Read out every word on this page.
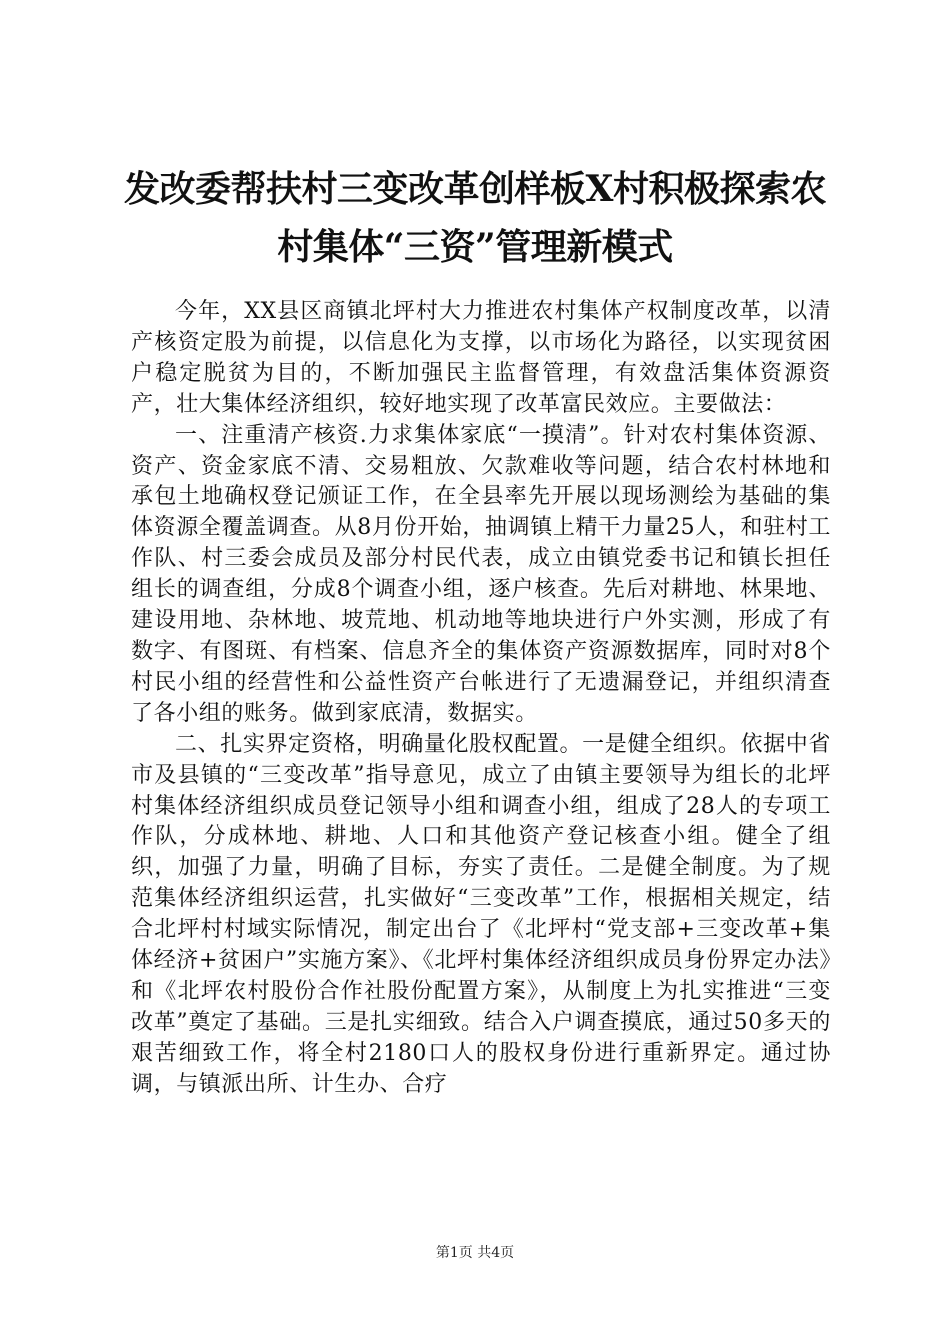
发改委帮扶村三变改革创样板X村积极探索农
村集体“三资”管理新模式

今年，XX县区商镇北坪村大力推进农村集体产权制度改革，以清产核资定股为前提，以信息化为支撑，以市场化为路径，以实现贫困户稳定脱贫为目的，不断加强民主监督管理，有效盘活集体资源资产，壮大集体经济组织，较好地实现了改革富民效应。主要做法：

一、注重清产核资.力求集体家底“一摸清”。针对农村集体资源、资产、资金家底不清、交易粗放、欠款难收等问题，结合农村林地和承包土地确权登记颁证工作，在全县率先开展以现场测绘为基础的集体资源全覆盖调查。从8月份开始，抽调镇上精干力量25人，和驻村工作队、村三委会成员及部分村民代表，成立由镇党委书记和镇长担任组长的调查组，分成8个调查小组，逐户核查。先后对耕地、林果地、建设用地、杂林地、坡荒地、机动地等地块进行户外实测，形成了有数字、有图斑、有档案、信息齐全的集体资产资源数据库，同时对8个村民小组的经营性和公益性资产台帐进行了无遗漏登记，并组织清查了各小组的账务。做到家底清，数据实。

二、扎实界定资格，明确量化股权配置。一是健全组织。依据中省市及县镇的“三变改革”指导意见，成立了由镇主要领导为组长的北坪村集体经济组织成员登记领导小组和调查小组，组成了28人的专项工作队，分成林地、耕地、人口和其他资产登记核查小组。健全了组织，加强了力量，明确了目标，夯实了责任。二是健全制度。为了规范集体经济组织运营，扎实做好“三变改革”工作，根据相关规定，结合北坪村村域实际情况，制定出台了《北坪村“党支部+三变改革+集体经济+贫困户”实施方案》、《北坪村集体经济组织成员身份界定办法》和《北坪农村股份合作社股份配置方案》，从制度上为扎实推进“三变改革”奠定了基础。三是扎实细致。结合入户调查摸底，通过50多天的艰苦细致工作，将全村2180口人的股权身份进行重新界定。通过协调，与镇派出所、计生办、合疗

第1页 共4页
